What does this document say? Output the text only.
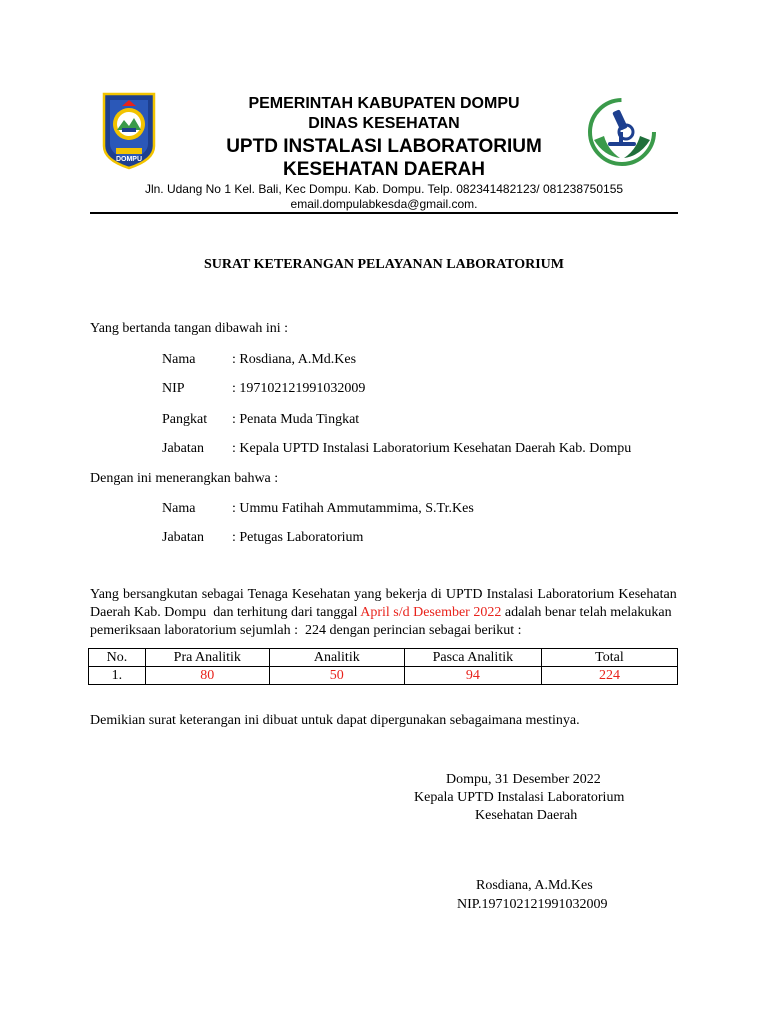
DOMPU
PEMERINTAH KABUPATEN DOMPU
DINAS KESEHATAN
UPTD INSTALASI LABORATORIUM
KESEHATAN DAERAH
Jln. Udang No 1 Kel. Bali, Kec Dompu. Kab. Dompu. Telp. 082341482123/ 081238750155
email.dompulabkesda@gmail.com.
SURAT KETERANGAN PELAYANAN LABORATORIUM
Yang bertanda tangan dibawah ini :
Nama	: Rosdiana, A.Md.Kes
NIP	: 197102121991032009
Pangkat : Penata Muda Tingkat
Jabatan : Kepala UPTD Instalasi Laboratorium Kesehatan Daerah Kab. Dompu
Dengan ini menerangkan bahwa :
Nama	: Ummu Fatihah Ammutammima, S.Tr.Kes
Jabatan : Petugas Laboratorium
Yang bersangkutan sebagai Tenaga Kesehatan yang bekerja di UPTD Instalasi Laboratorium Kesehatan
Daerah Kab. Dompu  dan terhitung dari tanggal April s/d Desember 2022 adalah benar telah melakukan
pemeriksaan laboratorium sejumlah :  224 dengan perincian sebagai berikut :
No.	Pra Analitik	Analitik	Pasca Analitik	Total
1.	80	50	94	224
Demikian surat keterangan ini dibuat untuk dapat dipergunakan sebagaimana mestinya.
Dompu, 31 Desember 2022
Kepala UPTD Instalasi Laboratorium
Kesehatan Daerah
Rosdiana, A.Md.Kes
NIP.197102121991032009
